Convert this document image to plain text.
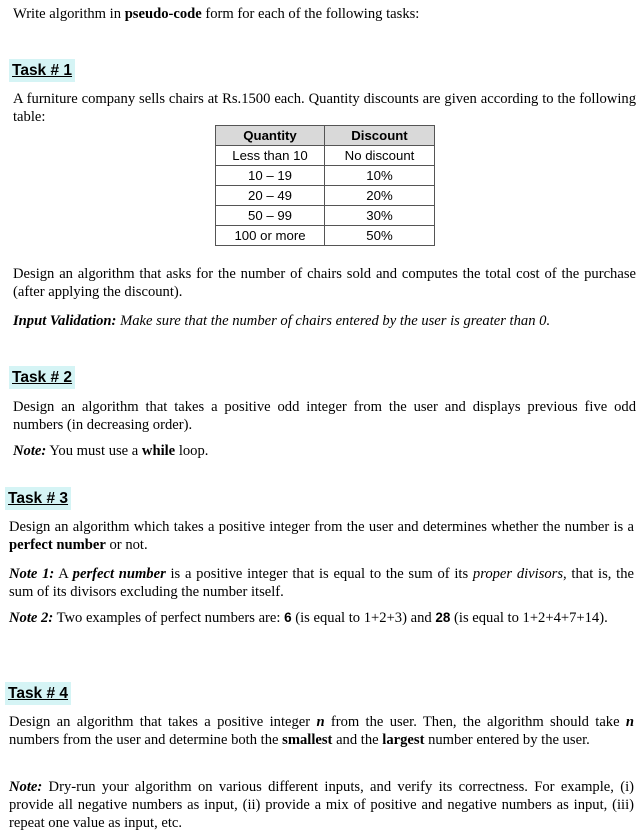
Write algorithm in pseudo-code form for each of the following tasks:
Task # 1
A furniture company sells chairs at Rs.1500 each. Quantity discounts are given according to the following table:
Quantity	Discount
Less than 10	No discount
10 – 19	10%
20 – 49	20%
50 – 99	30%
100 or more	50%
Design an algorithm that asks for the number of chairs sold and computes the total cost of the purchase (after applying the discount).
Input Validation: Make sure that the number of chairs entered by the user is greater than 0.
Task # 2
Design an algorithm that takes a positive odd integer from the user and displays previous five odd numbers (in decreasing order).
Note: You must use a while loop.
Task # 3
Design an algorithm which takes a positive integer from the user and determines whether the number is a perfect number or not.
Note 1: A perfect number is a positive integer that is equal to the sum of its proper divisors, that is, the sum of its divisors excluding the number itself.
Note 2: Two examples of perfect numbers are: 6 (is equal to 1+2+3) and 28 (is equal to 1+2+4+7+14).
Task # 4
Design an algorithm that takes a positive integer n from the user. Then, the algorithm should take n numbers from the user and determine both the smallest and the largest number entered by the user.
Note: Dry-run your algorithm on various different inputs, and verify its correctness. For example, (i) provide all negative numbers as input, (ii) provide a mix of positive and negative numbers as input, (iii) repeat one value as input, etc.
